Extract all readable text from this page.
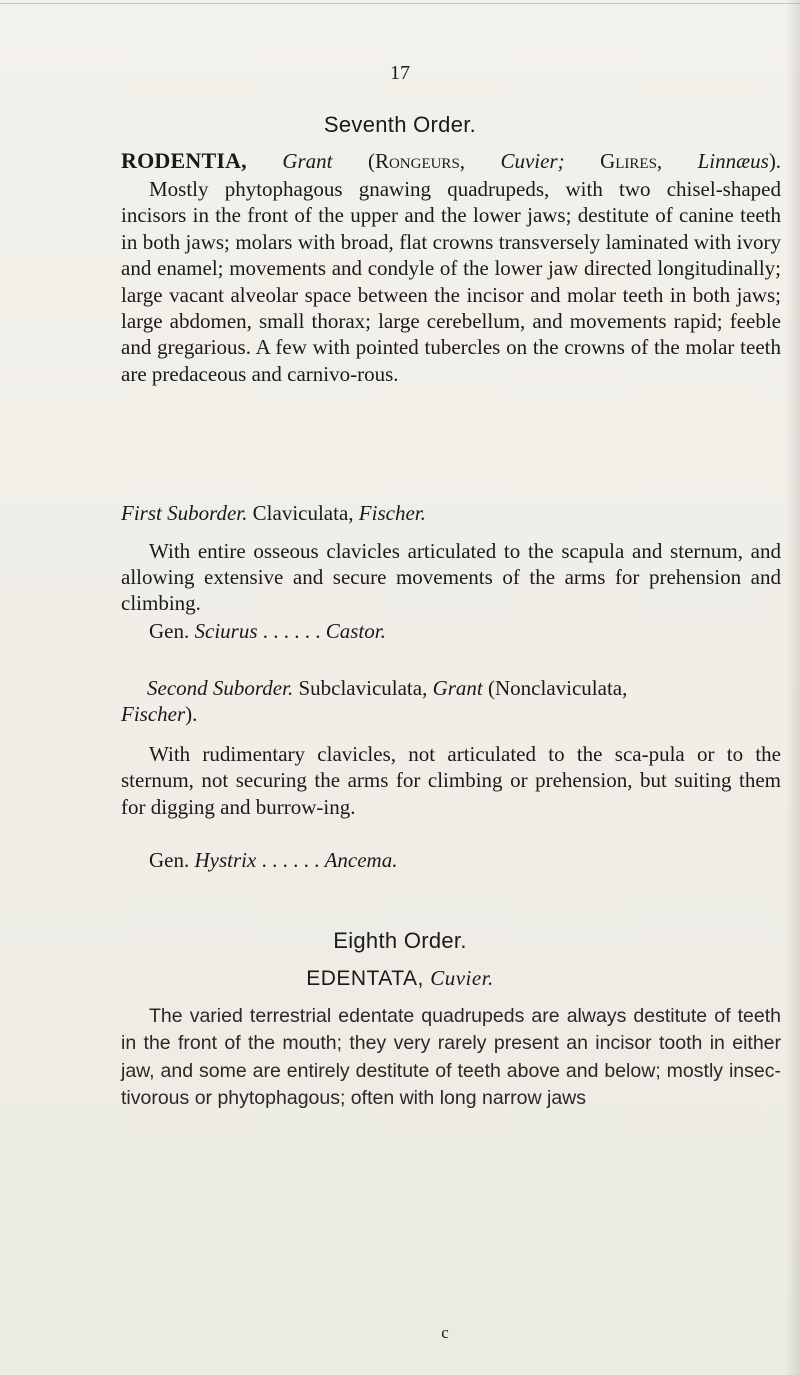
17
Seventh Order.
RODENTIA, Grant (Rongeurs, Cuvier; Glires, Linnæus).
Mostly phytophagous gnawing quadrupeds, with two chisel-shaped incisors in the front of the upper and the lower jaws; destitute of canine teeth in both jaws; molars with broad, flat crowns transversely laminated with ivory and enamel; movements and condyle of the lower jaw directed longitudinally; large vacant alveolar space between the incisor and molar teeth in both jaws; large abdomen, small thorax; large cerebellum, and movements rapid; feeble and gregarious. A few with pointed tubercles on the crowns of the molar teeth are predaceous and carnivo-rous.
First Suborder. Claviculata, Fischer.
With entire osseous clavicles articulated to the scapula and sternum, and allowing extensive and secure movements of the arms for prehension and climbing.
Gen. Sciurus . . . . . . Castor.
Second Suborder. Subclaviculata, Grant (Nonclaviculata,
Fischer).
With rudimentary clavicles, not articulated to the sca-pula or to the sternum, not securing the arms for climbing or prehension, but suiting them for digging and burrow-ing.
Gen. Hystrix . . . . . . Ancema.
Eighth Order.
EDENTATA, Cuvier.
The varied terrestrial edentate quadrupeds are always destitute of teeth in the front of the mouth; they very rarely present an incisor tooth in either jaw, and some are entirely destitute of teeth above and below; mostly insec-tivorous or phytophagous; often with long narrow jaws
c
